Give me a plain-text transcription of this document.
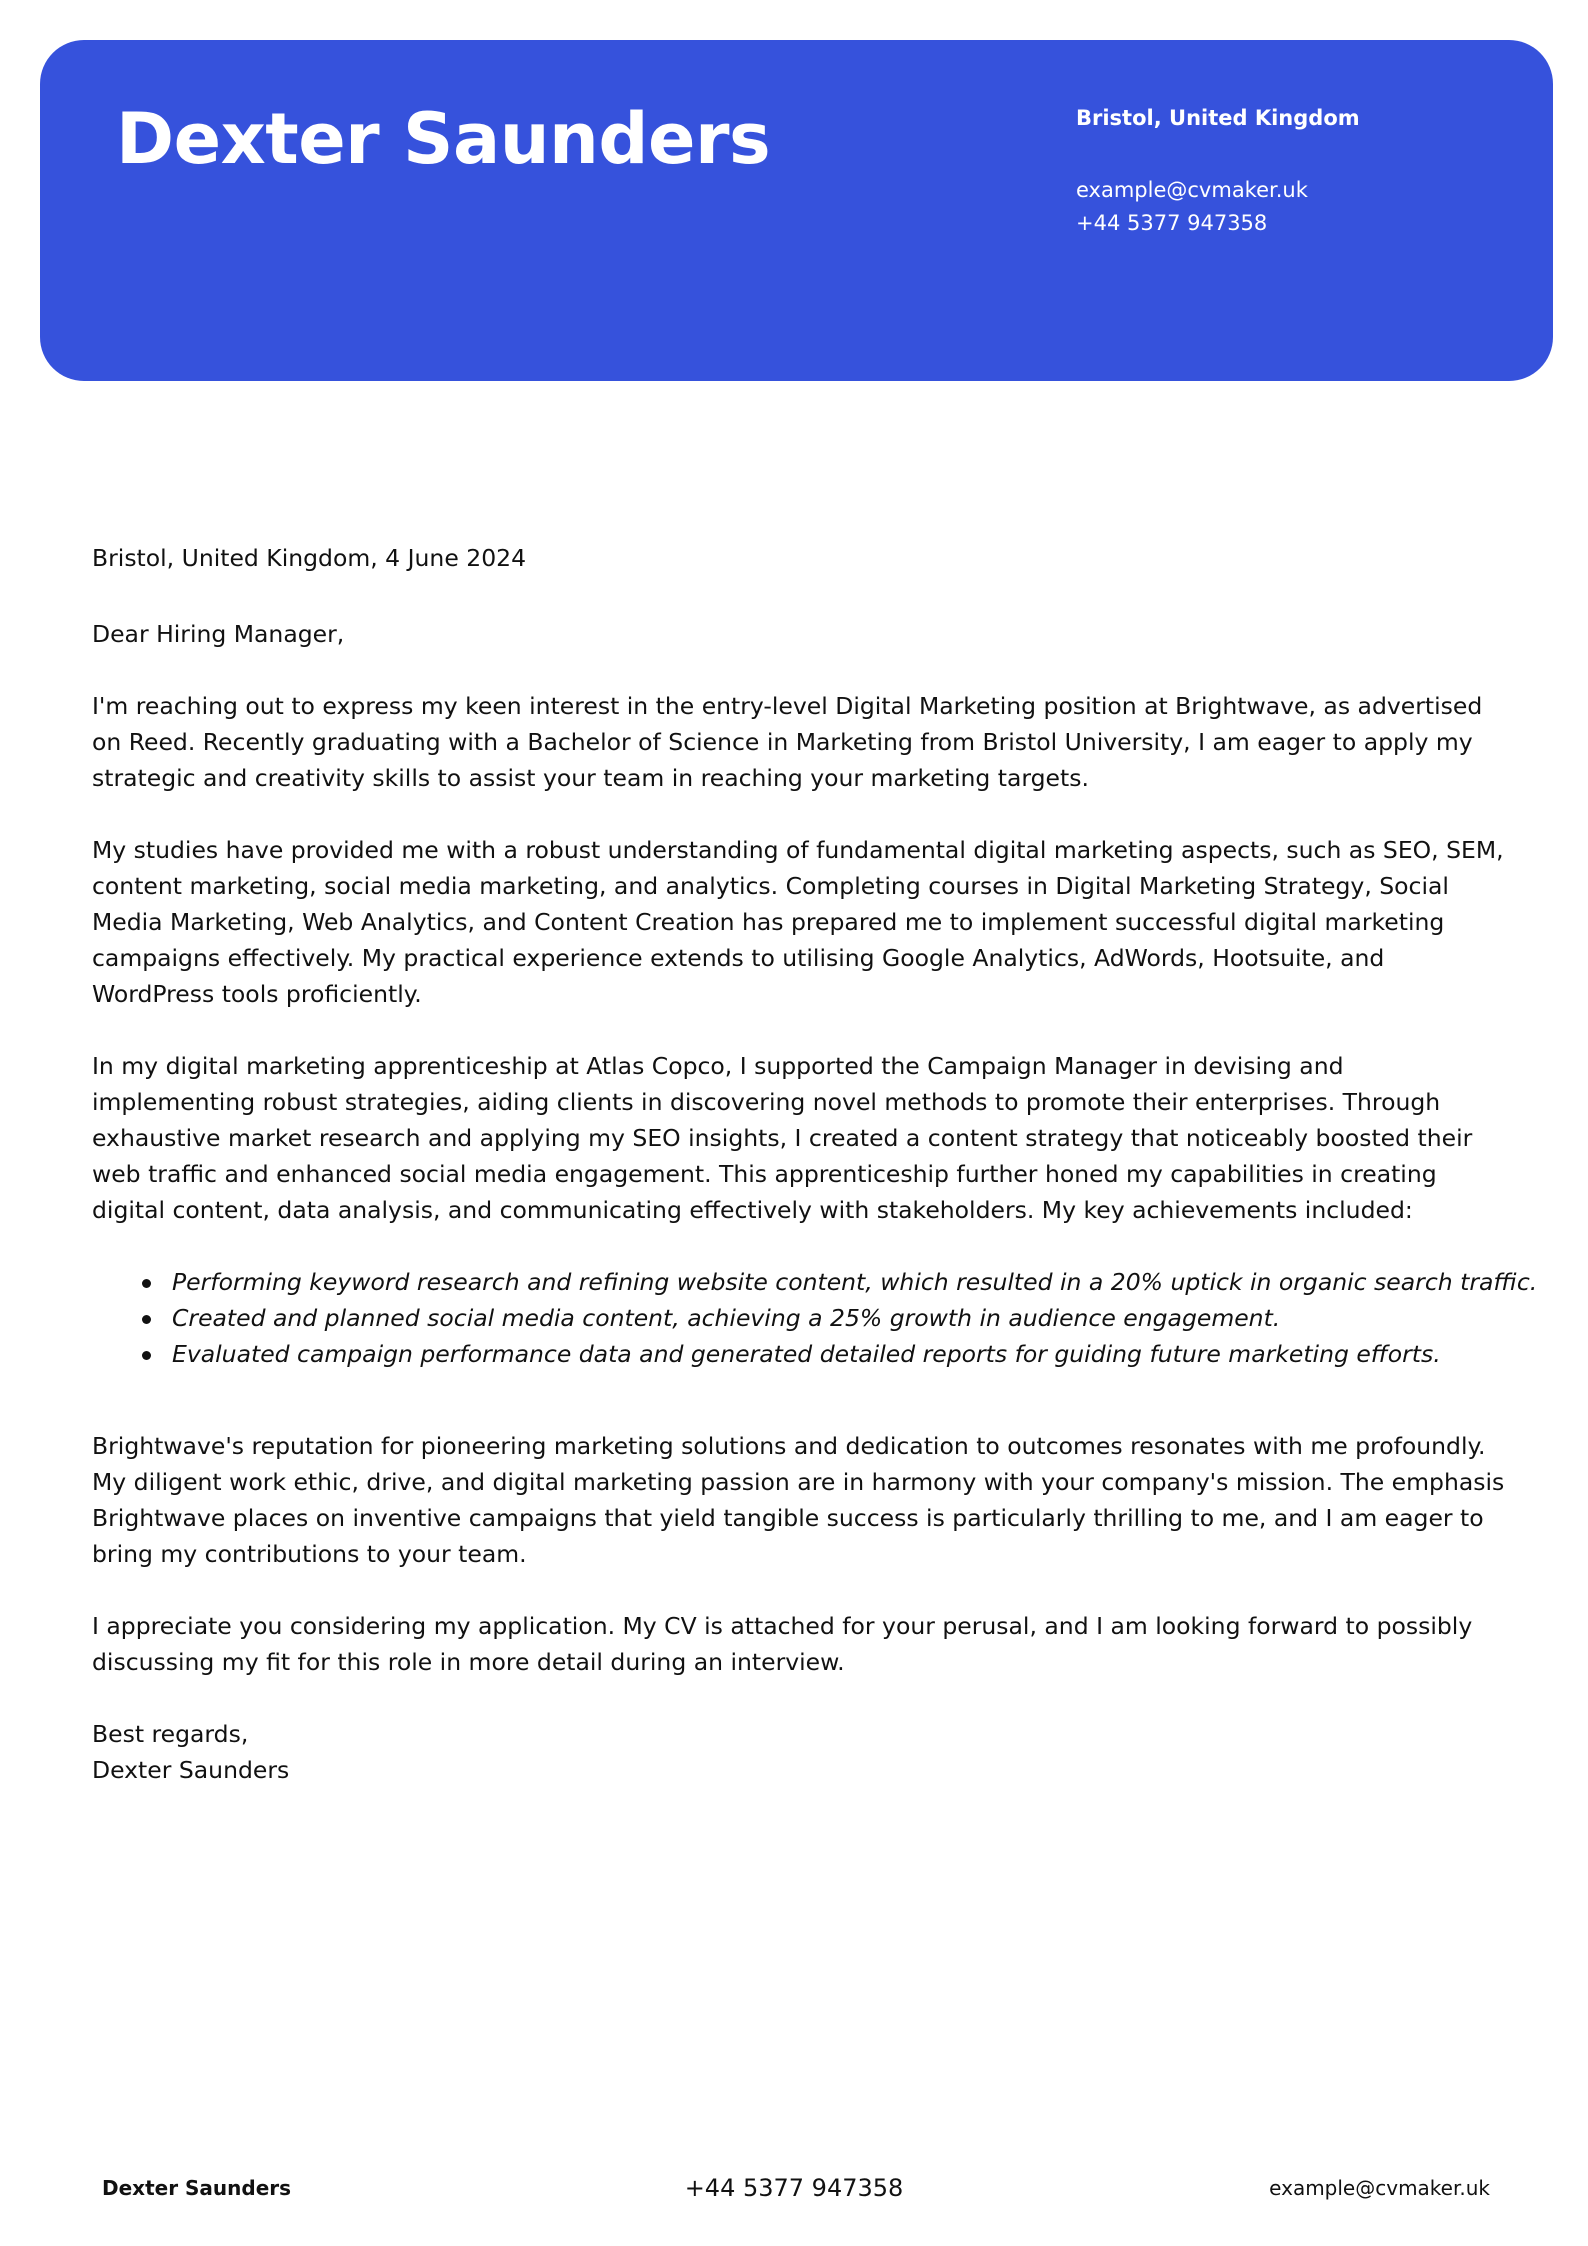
Dexter Saunders	Bristol, United Kingdom

example@cvmaker.uk

+44 5377 947358

Bristol, United Kingdom, 4 June 2024

Dear Hiring Manager,

I'm reaching out to express my keen interest in the entry-level Digital Marketing position at Brightwave, as advertised on Reed. Recently graduating with a Bachelor of Science in Marketing from Bristol University, I am eager to apply my strategic and creativity skills to assist your team in reaching your marketing targets.

My studies have provided me with a robust understanding of fundamental digital marketing aspects, such as SEO, SEM, content marketing, social media marketing, and analytics. Completing courses in Digital Marketing Strategy, Social Media Marketing, Web Analytics, and Content Creation has prepared me to implement successful digital marketing campaigns effectively. My practical experience extends to utilising Google Analytics, AdWords, Hootsuite, and WordPress tools proficiently.

In my digital marketing apprenticeship at Atlas Copco, I supported the Campaign Manager in devising and implementing robust strategies, aiding clients in discovering novel methods to promote their enterprises. Through exhaustive market research and applying my SEO insights, I created a content strategy that noticeably boosted their web traffic and enhanced social media engagement. This apprenticeship further honed my capabilities in creating digital content, data analysis, and communicating effectively with stakeholders. My key achievements included:

Performing keyword research and refining website content, which resulted in a 20% uptick in organic search traffic.
Created and planned social media content, achieving a 25% growth in audience engagement.
Evaluated campaign performance data and generated detailed reports for guiding future marketing efforts.

Brightwave's reputation for pioneering marketing solutions and dedication to outcomes resonates with me profoundly. My diligent work ethic, drive, and digital marketing passion are in harmony with your company's mission. The emphasis Brightwave places on inventive campaigns that yield tangible success is particularly thrilling to me, and I am eager to bring my contributions to your team.

I appreciate you considering my application. My CV is attached for your perusal, and I am looking forward to possibly discussing my fit for this role in more detail during an interview.

Best regards,

Dexter Saunders

Dexter Saunders	+44 5377 947358	example@cvmaker.uk
